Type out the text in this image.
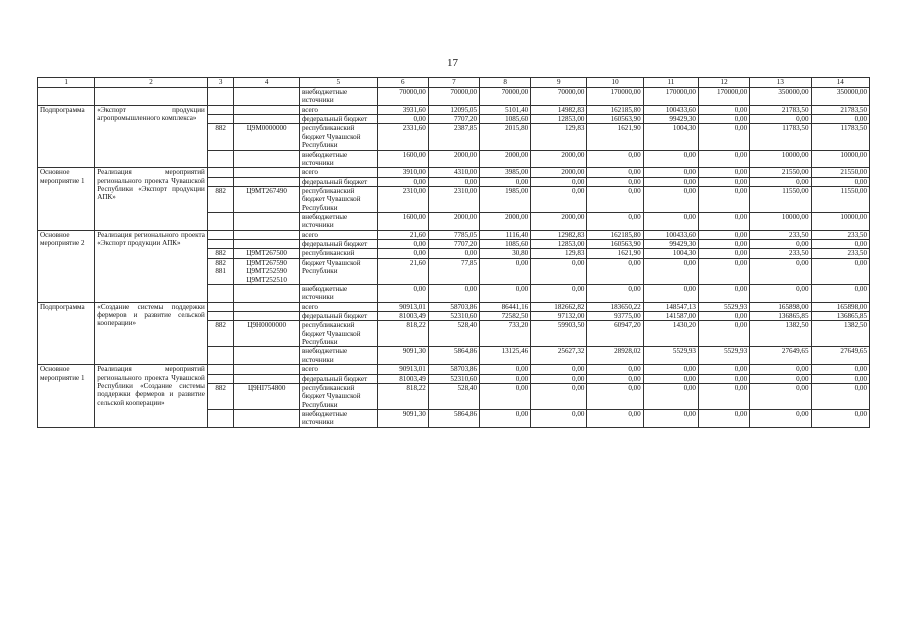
17
1	2	3	4	5	6	7	8	9	10	11	12	13	14
				внебюджетные источники	70000,00	70000,00	70000,00	70000,00	170000,00	170000,00	170000,00	350000,00	350000,00
Подпрограмма	«Экспорт продукции агропромышленного комплекса»			всего	3931,60	12095,05	5101,40	14982,83	162185,80	100433,60	0,00	21783,50	21783,50
				федеральный бюджет	0,00	7707,20	1085,60	12853,00	160563,90	99429,30	0,00	0,00	0,00
		882	Ц9М0000000	республиканский бюджет Чувашской Республики	2331,60	2387,85	2015,80	129,83	1621,90	1004,30	0,00	11783,50	11783,50
				внебюджетные источники	1600,00	2000,00	2000,00	2000,00	0,00	0,00	0,00	10000,00	10000,00
Основное мероприятие 1	Реализация мероприятий регионального проекта Чувашской Республики «Экспорт продукции АПК»			всего	3910,00	4310,00	3985,00	2000,00	0,00	0,00	0,00	21550,00	21550,00
				федеральный бюджет	0,00	0,00	0,00	0,00	0,00	0,00	0,00	0,00	0,00
		882	Ц9МТ267490	республиканский бюджет Чувашской Республики	2310,00	2310,00	1985,00	0,00	0,00	0,00	0,00	11550,00	11550,00
				внебюджетные источники	1600,00	2000,00	2000,00	2000,00	0,00	0,00	0,00	10000,00	10000,00
Основное мероприятие 2	Реализация регионального проекта «Экспорт продукции АПК»			всего	21,60	7785,05	1116,40	12982,83	162185,80	100433,60	0,00	233,50	233,50
				федеральный бюджет	0,00	7707,20	1085,60	12853,00	160563,90	99429,30	0,00	0,00	0,00
		882	Ц9МТ267500	республиканский	0,00	0,00	30,80	129,83	1621,90	1004,30	0,00	233,50	233,50
		882 881	Ц9МТ267590 Ц9МТ252590 Ц9МТ252510	бюджет Чувашской Республики	21,60	77,85	0,00	0,00	0,00	0,00	0,00	0,00	0,00
				внебюджетные источники	0,00	0,00	0,00	0,00	0,00	0,00	0,00	0,00	0,00
Подпрограмма	«Создание системы поддержки фермеров и развитие сельской кооперации»			всего	90913,01	58703,86	86441,16	182662,82	183650,22	148547,13	5529,93	165898,00	165898,00
				федеральный бюджет	81003,49	52310,60	72582,50	97132,00	93775,00	141587,00	0,00	136865,85	136865,85
		882	Ц9Н0000000	республиканский бюджет Чувашской Республики	818,22	528,40	733,20	59903,50	60947,20	1430,20	0,00	1382,50	1382,50
				внебюджетные источники	9091,30	5864,86	13125,46	25627,32	28928,02	5529,93	5529,93	27649,65	27649,65
Основное мероприятие 1	Реализация мероприятий регионального проекта Чувашской Республики «Создание системы поддержки фермеров и развитие сельской кооперации»			всего	90913,01	58703,86	0,00	0,00	0,00	0,00	0,00	0,00	0,00
				федеральный бюджет	81003,49	52310,60	0,00	0,00	0,00	0,00	0,00	0,00	0,00
		882	Ц9НI754800	республиканский бюджет Чувашской Республики	818,22	528,40	0,00	0,00	0,00	0,00	0,00	0,00	0,00
				внебюджетные источники	9091,30	5864,86	0,00	0,00	0,00	0,00	0,00	0,00	0,00
